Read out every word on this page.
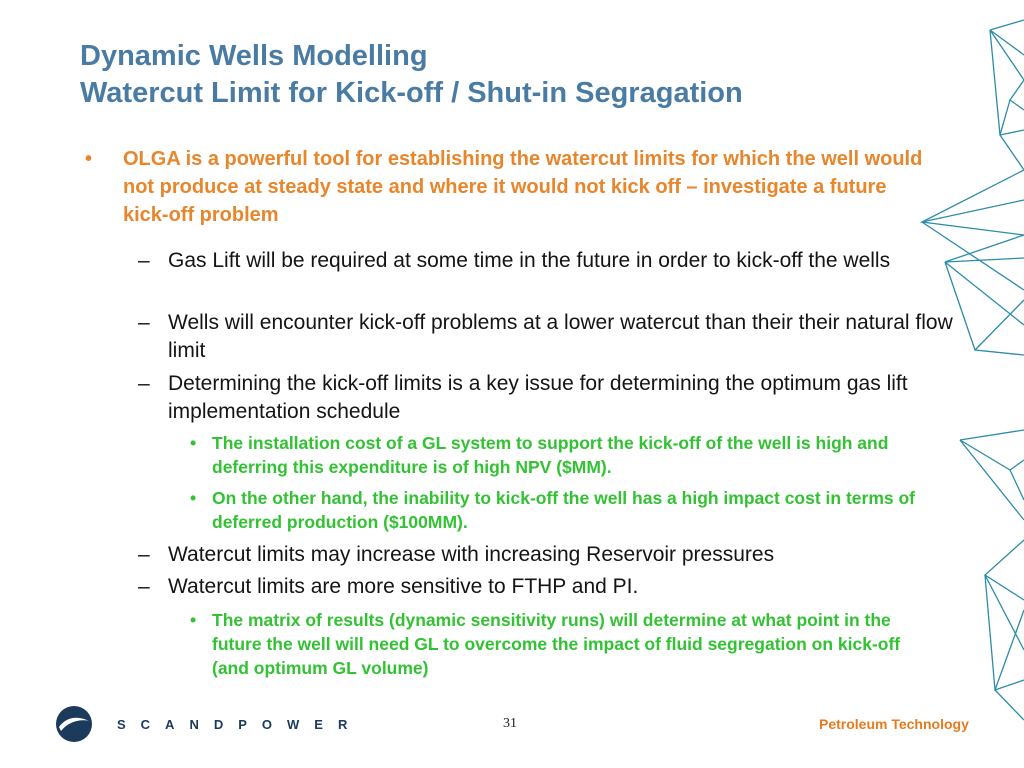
Dynamic Wells Modelling
Watercut Limit for Kick-off / Shut-in Segragation
•	OLGA is a powerful tool for establishing the watercut limits for which the well would not produce at steady state and where it would not kick off – investigate a future kick-off problem
– Gas Lift will be required at some time in the future in order to kick-off the wells
– Wells will encounter kick-off problems at a lower watercut than their their natural flow limit
– Determining the kick-off limits is a key issue for determining the optimum gas lift implementation schedule
• The installation cost of a GL system to support the kick-off of the well is high and deferring this expenditure is of high NPV ($MM).
• On the other hand, the inability to kick-off the well has a high impact cost in terms of deferred production ($100MM).
– Watercut limits may increase with increasing Reservoir pressures
– Watercut limits are more sensitive to FTHP and PI.
• The matrix of results (dynamic sensitivity runs) will determine at what point in the future the well will need GL to overcome the impact of fluid segregation on kick-off (and optimum GL volume)
SCANDPOWER	31	Petroleum Technology
